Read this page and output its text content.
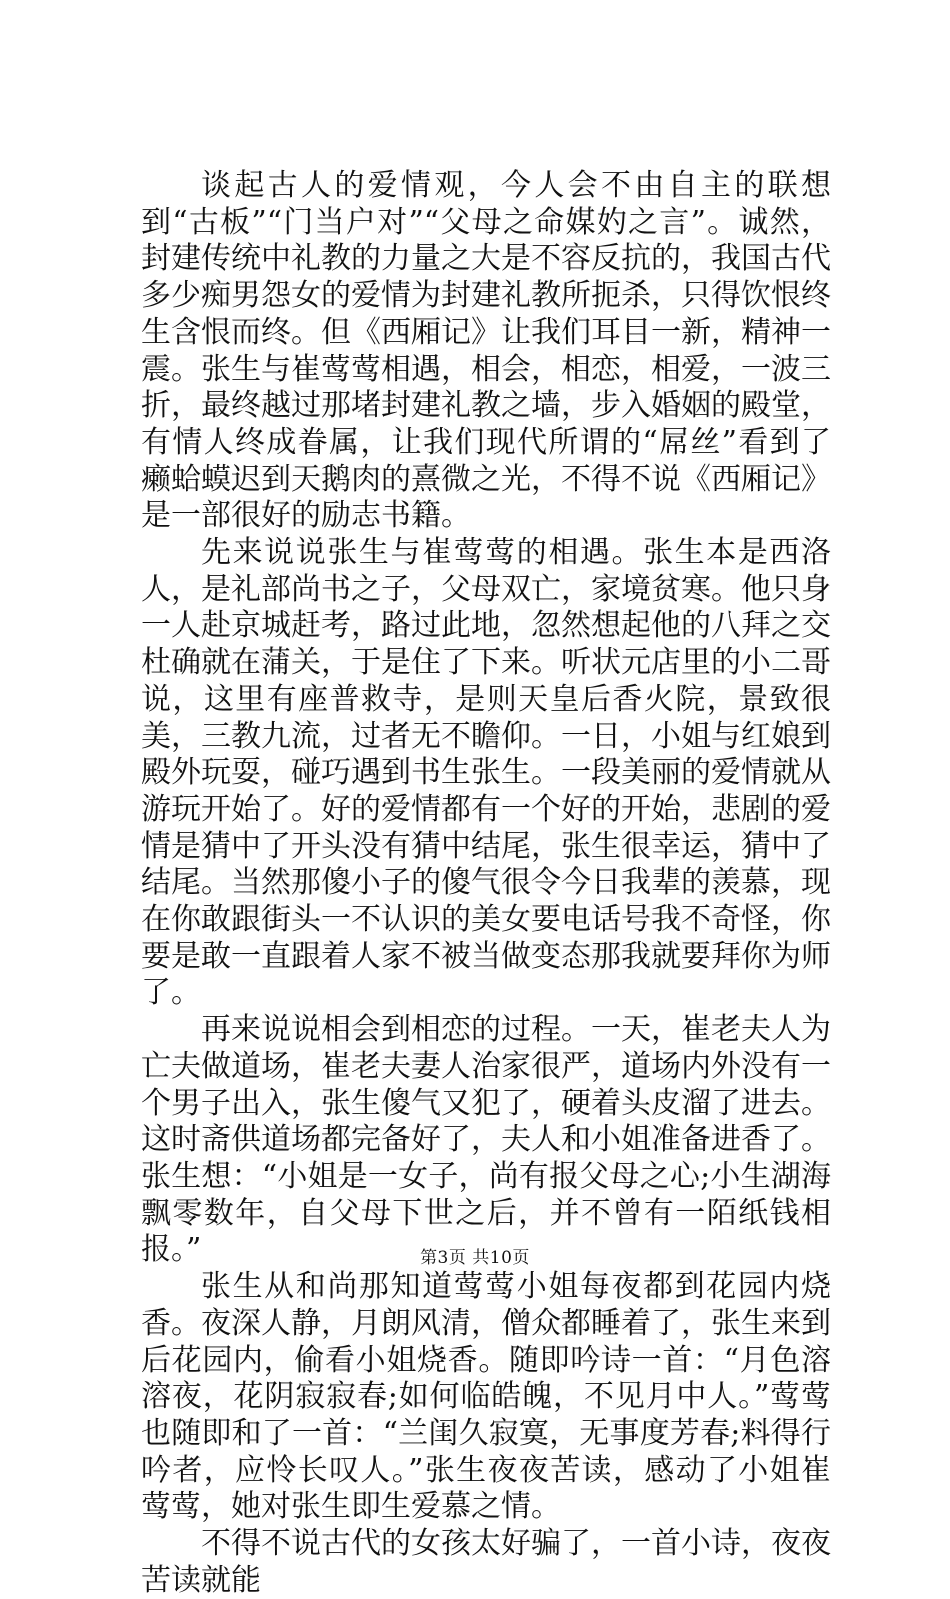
谈起古人的爱情观，今人会不由自主的联想到“古板”“门当户对”“父母之命媒妁之言”。诚然，封建传统中礼教的力量之大是不容反抗的，我国古代多少痴男怨女的爱情为封建礼教所扼杀，只得饮恨终生含恨而终。但《西厢记》让我们耳目一新，精神一震。张生与崔莺莺相遇，相会，相恋，相爱，一波三折，最终越过那堵封建礼教之墙，步入婚姻的殿堂，有情人终成眷属，让我们现代所谓的“屌丝”看到了癞蛤蟆迟到天鹅肉的熹微之光，不得不说《西厢记》是一部很好的励志书籍。

先来说说张生与崔莺莺的相遇。张生本是西洛人，是礼部尚书之子，父母双亡，家境贫寒。他只身一人赴京城赶考，路过此地，忽然想起他的八拜之交杜确就在蒲关，于是住了下来。听状元店里的小二哥说，这里有座普救寺，是则天皇后香火院，景致很美，三教九流，过者无不瞻仰。一日，小姐与红娘到殿外玩耍，碰巧遇到书生张生。一段美丽的爱情就从游玩开始了。好的爱情都有一个好的开始，悲剧的爱情是猜中了开头没有猜中结尾，张生很幸运，猜中了结尾。当然那傻小子的傻气很令今日我辈的羡慕，现在你敢跟街头一不认识的美女要电话号我不奇怪，你要是敢一直跟着人家不被当做变态那我就要拜你为师了。

再来说说相会到相恋的过程。一天，崔老夫人为亡夫做道场，崔老夫妻人治家很严，道场内外没有一个男子出入，张生傻气又犯了，硬着头皮溜了进去。这时斋供道场都完备好了，夫人和小姐准备进香了。张生想：“小姐是一女子，尚有报父母之心;小生湖海飘零数年，自父母下世之后，并不曾有一陌纸钱相报。”

张生从和尚那知道莺莺小姐每夜都到花园内烧香。夜深人静，月朗风清，僧众都睡着了，张生来到后花园内，偷看小姐烧香。随即吟诗一首：“月色溶溶夜，花阴寂寂春;如何临皓魄，不见月中人。”莺莺也随即和了一首：“兰闺久寂寞，无事度芳春;料得行吟者，应怜长叹人。”张生夜夜苦读，感动了小姐崔莺莺，她对张生即生爱慕之情。

不得不说古代的女孩太好骗了，一首小诗，夜夜苦读就能

第3页 共10页
